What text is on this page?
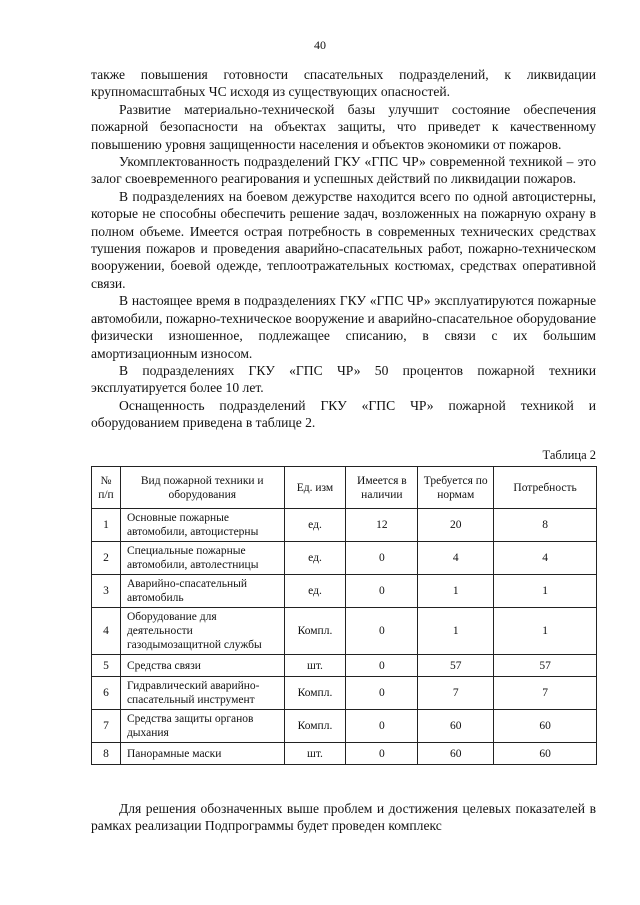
40

также повышения готовности спасательных подразделений, к ликвидации крупномасштабных ЧС исходя из существующих опасностей.

Развитие материально-технической базы улучшит состояние обеспечения пожарной безопасности на объектах защиты, что приведет к качественному повышению уровня защищенности населения и объектов экономики от пожаров.

Укомплектованность подразделений ГКУ «ГПС ЧР» современной техникой – это залог своевременного реагирования и успешных действий по ликвидации пожаров.

В подразделениях на боевом дежурстве находится всего по одной автоцистерны, которые не способны обеспечить решение задач, возложенных на пожарную охрану в полном объеме. Имеется острая потребность в современных технических средствах тушения пожаров и проведения аварийно-спасательных работ, пожарно-техническом вооружении, боевой одежде, теплоотражательных костюмах, средствах оперативной связи.

В настоящее время в подразделениях ГКУ «ГПС ЧР» эксплуатируются пожарные автомобили, пожарно-техническое вооружение и аварийно-спасательное оборудование физически изношенное, подлежащее списанию, в связи с их большим амортизационным износом.

В подразделениях ГКУ «ГПС ЧР» 50 процентов пожарной техники эксплуатируется более 10 лет.

Оснащенность подразделений ГКУ «ГПС ЧР» пожарной техникой и оборудованием приведена в таблице 2.

Таблица 2
№ п/п	Вид пожарной техники и оборудования	Ед. изм	Имеется в наличии	Требуется по нормам	Потребность
1	Основные пожарные автомобили, автоцистерны	ед.	12	20	8
2	Специальные пожарные автомобили, автолестницы	ед.	0	4	4
3	Аварийно-спасательный автомобиль	ед.	0	1	1
4	Оборудование для деятельности газодымозащитной службы	Компл.	0	1	1
5	Средства связи	шт.	0	57	57
6	Гидравлический аварийно-спасательный инструмент	Компл.	0	7	7
7	Средства защиты органов дыхания	Компл.	0	60	60
8	Панорамные маски	шт.	0	60	60

Для решения обозначенных выше проблем и достижения целевых показателей в рамках реализации Подпрограммы будет проведен комплекс
